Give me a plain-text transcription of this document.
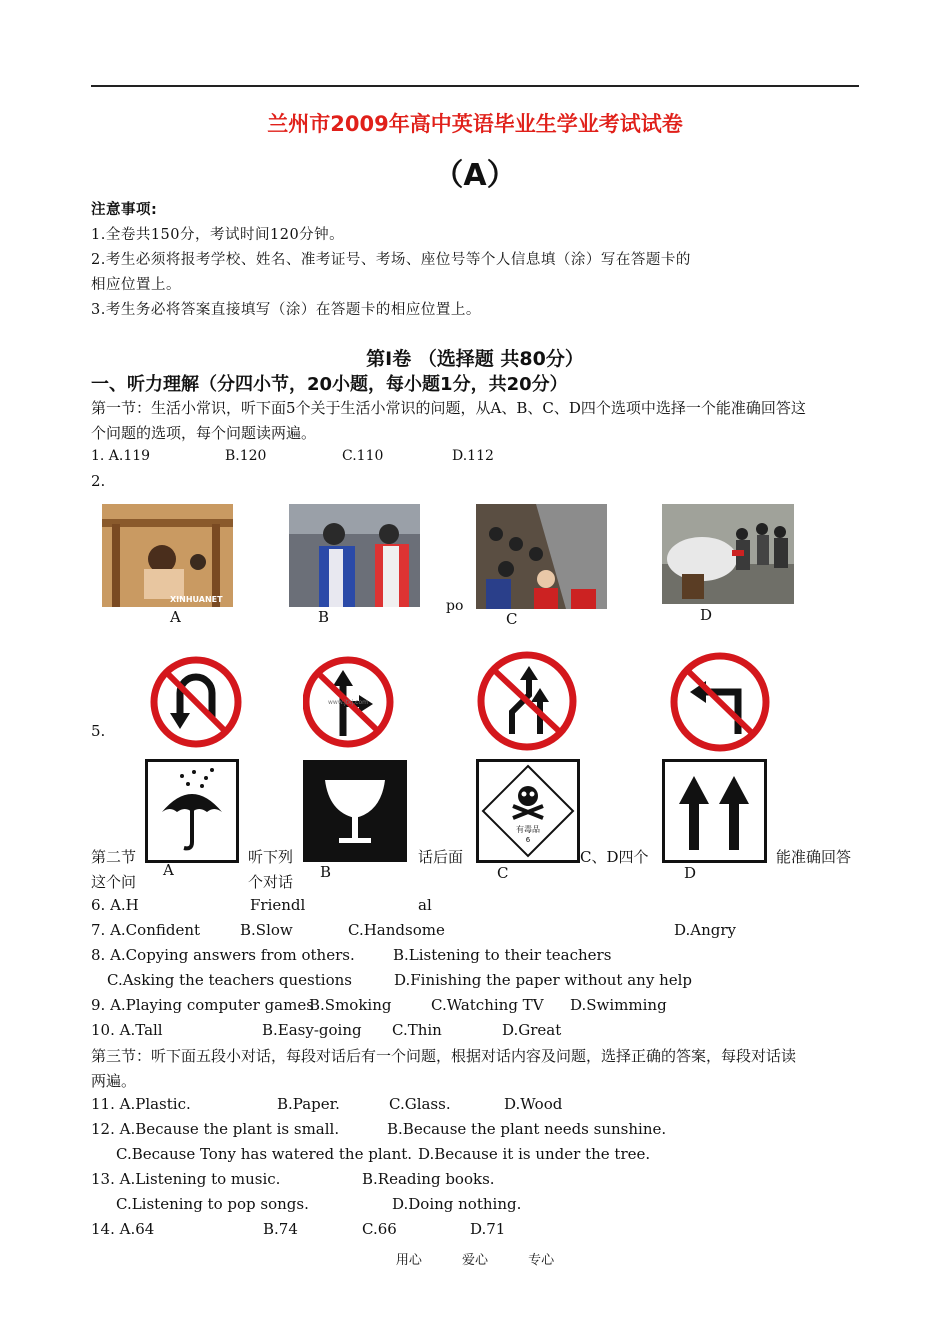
兰州市2009年高中英语毕业生学业考试试卷
（A）
注意事项:
1.全卷共150分，考试时间120分钟。
2.考生必须将报考学校、姓名、准考证号、考场、座位号等个人信息填（涂）写在答题卡的
相应位置上。
3.考生务必将答案直接填写（涂）在答题卡的相应位置上。
第Ⅰ卷 （选择题 共80分）
一、听力理解（分四小节，20小题，每小题1分，共20分）
第一节：生活小常识，听下面5个关于生活小常识的问题，从A、B、C、D四个选项中选择一个能准确回答这
个问题的选项，每个问题读两遍。
1. A.119	B.120	C.110	D.112
2.
XINHUANET
A	B
po
C	D
www.jtkj.com
5.
第二节	听下列	话后面	C、D四个	能准确回答
这个问	个对话
6. A.H	Friendl	al
7. A.Confident	B.Slow	C.Handsome	D.Angry
A	B
有毒品
6
C	D
8. A.Copying answers from others.	B.Listening to their teachers
C.Asking the teachers questions	D.Finishing the paper without any help
9. A.Playing computer games
B.Smoking	C.Watching TV D.Swimming
10. A.Tall	B.Easy-going C.Thin	D.Great
第三节：听下面五段小对话，每段对话后有一个问题，根据对话内容及问题，选择正确的答案，每段对话读
两遍。
11. A.Plastic.	B.Paper.	C.Glass.	D.Wood
12. A.Because the plant is small.	B.Because the plant needs sunshine.
C.Because Tony has watered the plant. D.Because it is under the tree.
13. A.Listening to music.	B.Reading books.
C.Listening to pop songs.	D.Doing nothing.
14. A.64	B.74	C.66	D.71
用心	爱心	专心
